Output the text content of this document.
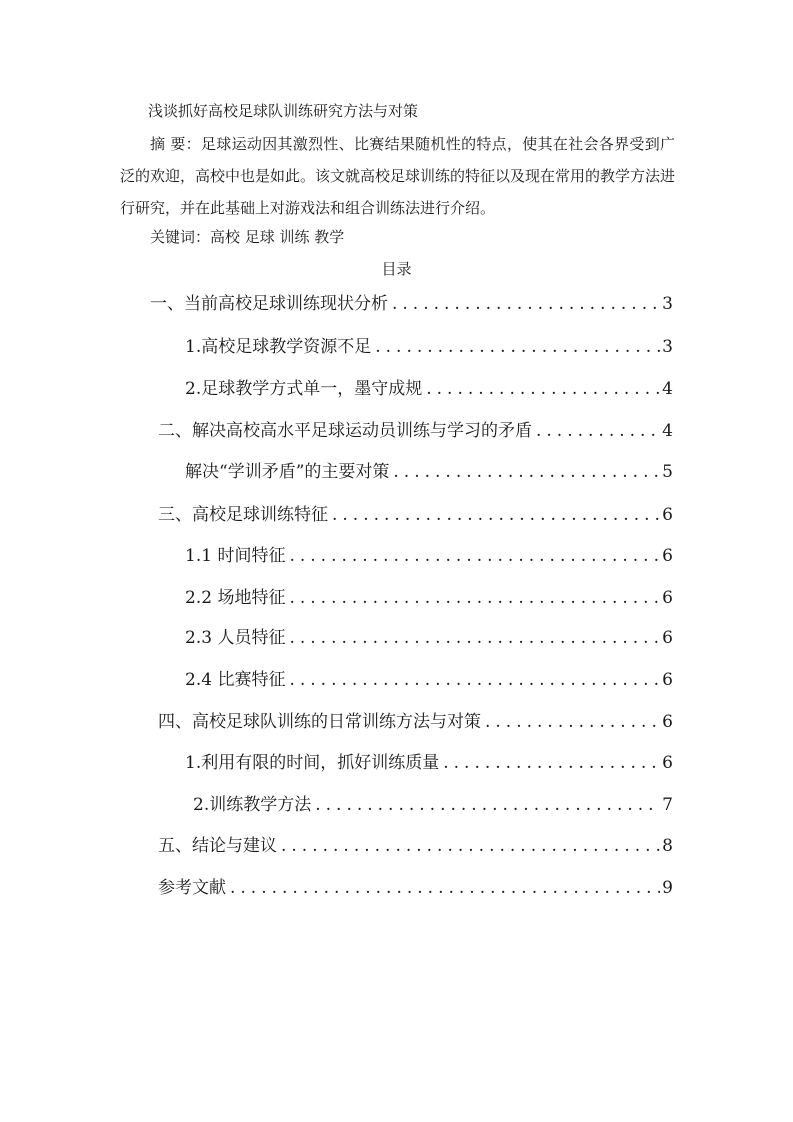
浅谈抓好高校足球队训练研究方法与对策
摘 要：足球运动因其激烈性、比赛结果随机性的特点，使其在社会各界受到广泛的欢迎，高校中也是如此。该文就高校足球训练的特征以及现在常用的教学方法进行研究，并在此基础上对游戏法和组合训练法进行介绍。
关键词：高校 足球 训练 教学
目录
一、当前高校足球训练现状分析 .....	3
1.高校足球教学资源不足 .....	3
2.足球教学方式单一，墨守成规 .....	4
二、解决高校高水平足球运动员训练与学习的矛盾 .....	4
解决“学训矛盾”的主要对策 .....	5
三、高校足球训练特征 .....	6
1.1 时间特征 .....	6
2.2 场地特征 .....	6
2.3 人员特征 .....	6
2.4 比赛特征 .....	6
四、高校足球队训练的日常训练方法与对策 .....	6
1.利用有限的时间，抓好训练质量 .....	6
2.训练教学方法 .....	7
五、结论与建议 .....	8
参考文献 .....	9
